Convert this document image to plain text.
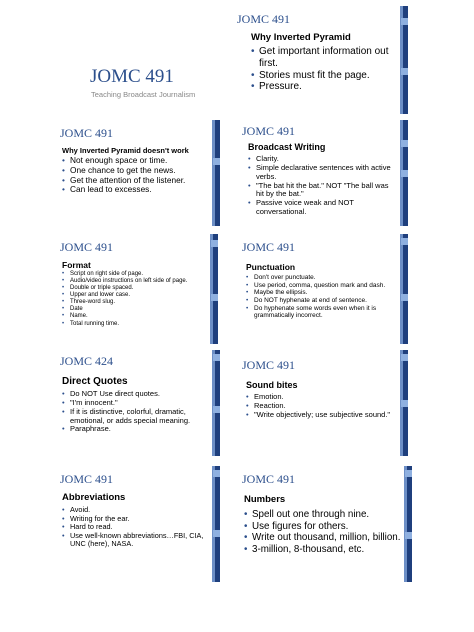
JOMC 491
Teaching Broadcast Journalism
JOMC 491
Why Inverted Pyramid
• Get important information out first.
• Stories must fit the page.
• Pressure.
JOMC 491
Why Inverted Pyramid doesn't work
• Not enough space or time.
• One chance to get the news.
• Get the attention of the listener.
• Can lead to excesses.
JOMC 491
Broadcast Writing
• Clarity.
• Simple declarative sentences with active verbs.
• "The bat hit the bat." NOT "The ball was hit by the bat."
• Passive voice weak and NOT conversational.
JOMC 491
Format
• Script on right side of page.
• Audio/video instructions on left side of page.
• Double or triple spaced.
• Upper and lower case.
• Three-word slug.
• Date
• Name.
• Total running time.
JOMC 491
Punctuation
• Don't over punctuate.
• Use period, comma, question mark and dash.
• Maybe the ellipsis.
• Do NOT hyphenate at end of sentence.
• Do hyphenate some words even when it is grammatically incorrect.
JOMC 424
Direct Quotes
• Do NOT Use direct quotes.
• "I'm innocent."
• If it is distinctive, colorful, dramatic, emotional, or adds special meaning.
• Paraphrase.
JOMC 491
Sound bites
• Emotion.
• Reaction.
• "Write objectively; use subjective sound."
JOMC 491
Abbreviations
• Avoid.
• Writing for the ear.
• Hard to read.
• Use well-known abbreviations…FBI, CIA, UNC (here), NASA.
JOMC 491
Numbers
• Spell out one through nine.
• Use figures for others.
• Write out thousand, million, billion.
• 3-million, 8-thousand, etc.
